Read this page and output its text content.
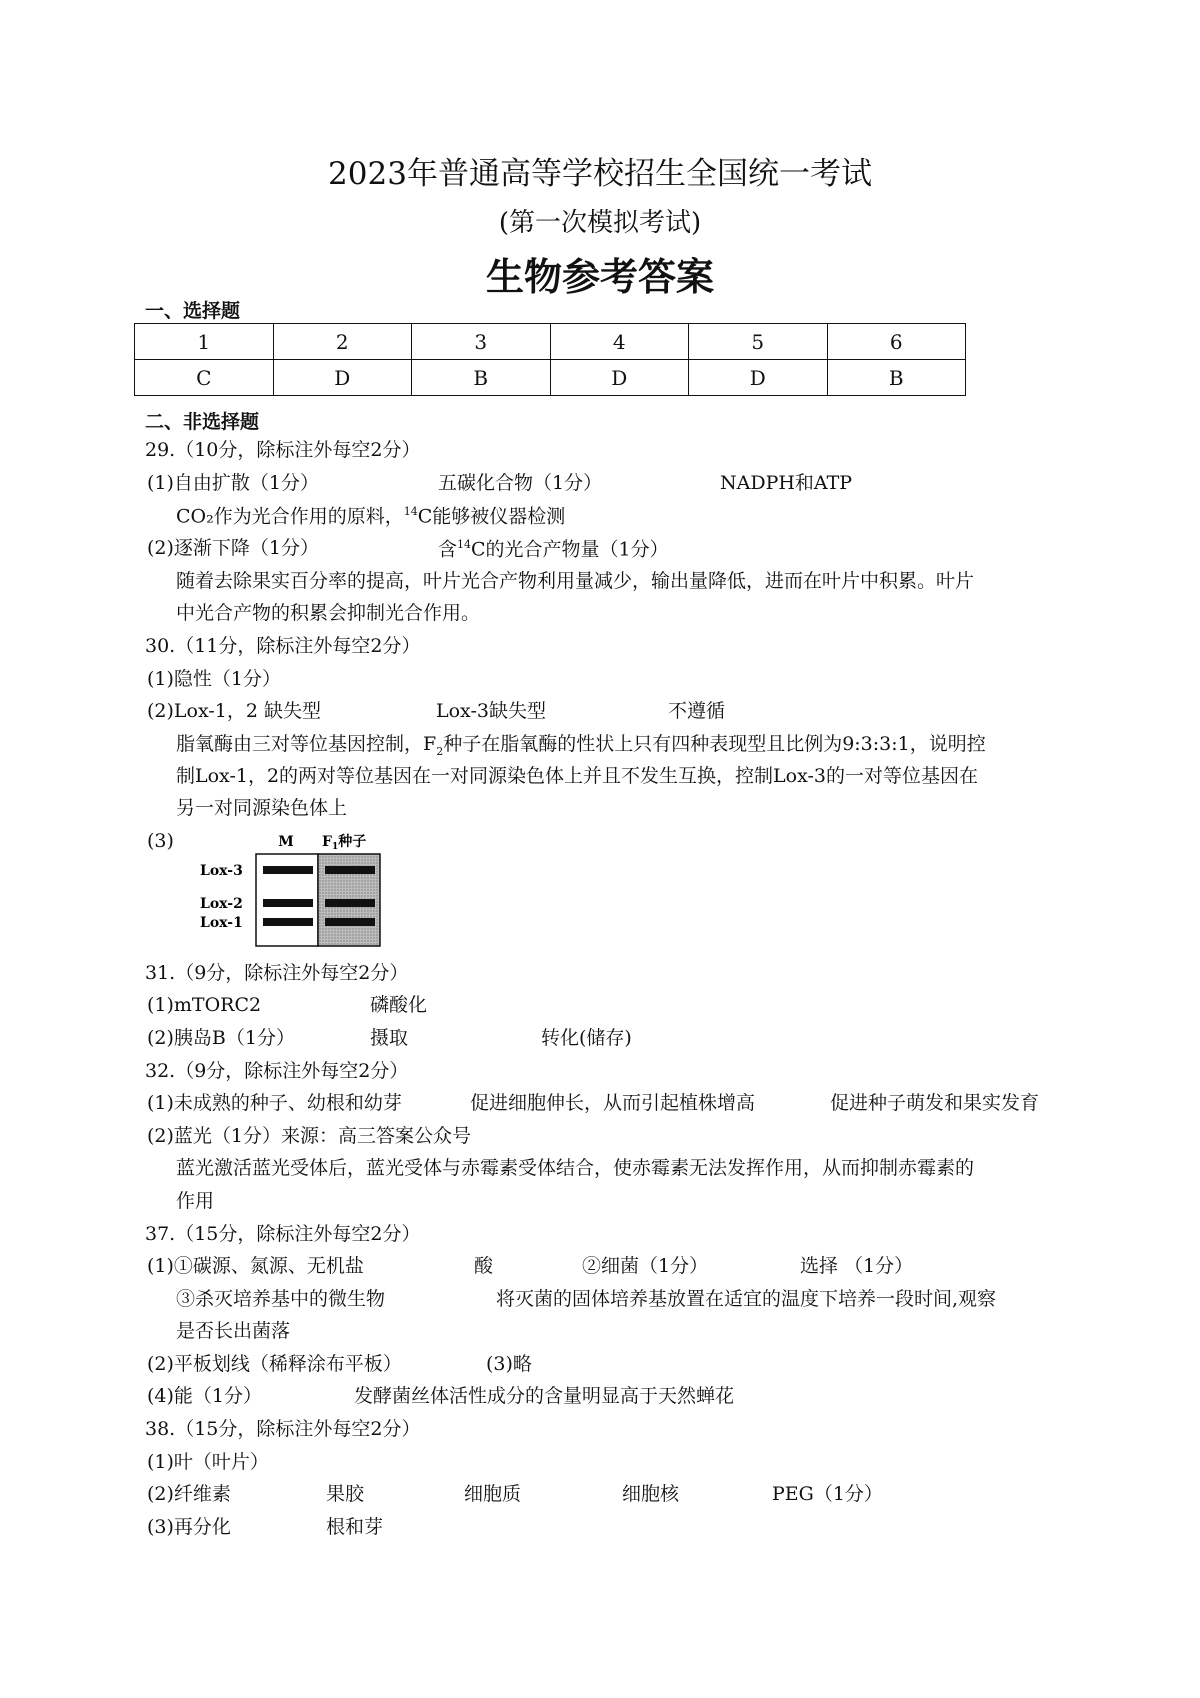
2023年普通高等学校招生全国统一考试
(第一次模拟考试)
生物参考答案
一、选择题
1	2	3	4	5	6
C	D	B	D	D	B
二、非选择题
29.（10分，除标注外每空2分）
(1)自由扩散（1分）	五碳化合物（1分）	NADPH和ATP
CO₂作为光合作用的原料，$^{14}$C能够被仪器检测
(2)逐渐下降（1分）	含$^{14}$C的光合产物量（1分）
随着去除果实百分率的提高，叶片光合产物利用量减少，输出量降低，进而在叶片中积累。叶片
中光合产物的积累会抑制光合作用。
30.（11分，除标注外每空2分）
(1)隐性（1分）
(2)Lox-1，2 缺失型	Lox-3缺失型	不遵循
脂氧酶由三对等位基因控制，$F_2$种子在脂氧酶的性状上只有四种表现型且比例为9:3:3:1，说明控
制Lox-1，2的两对等位基因在一对同源染色体上并且不发生互换，控制Lox-3的一对等位基因在
另一对同源染色体上
(3)	M $F_1$种子
Lox-3
Lox-2
Lox-1
31.（9分，除标注外每空2分）
(1)mTORC2	磷酸化
(2)胰岛B（1分）	摄取	转化(储存)
32.（9分，除标注外每空2分）
(1)未成熟的种子、幼根和幼芽	促进细胞伸长，从而引起植株增高	促进种子萌发和果实发育
(2)蓝光（1分）来源：高三答案公众号
蓝光激活蓝光受体后，蓝光受体与赤霉素受体结合，使赤霉素无法发挥作用，从而抑制赤霉素的
作用
37.（15分，除标注外每空2分）
(1)①碳源、氮源、无机盐	酸	②细菌（1分）	选择 （1分）
③杀灭培养基中的微生物	将灭菌的固体培养基放置在适宜的温度下培养一段时间,观察
是否长出菌落
(2)平板划线（稀释涂布平板）	(3)略
(4)能（1分）	发酵菌丝体活性成分的含量明显高于天然蝉花
38.（15分，除标注外每空2分）
(1)叶（叶片）
(2)纤维素	果胶	细胞质	细胞核	PEG（1分）
(3)再分化	根和芽
